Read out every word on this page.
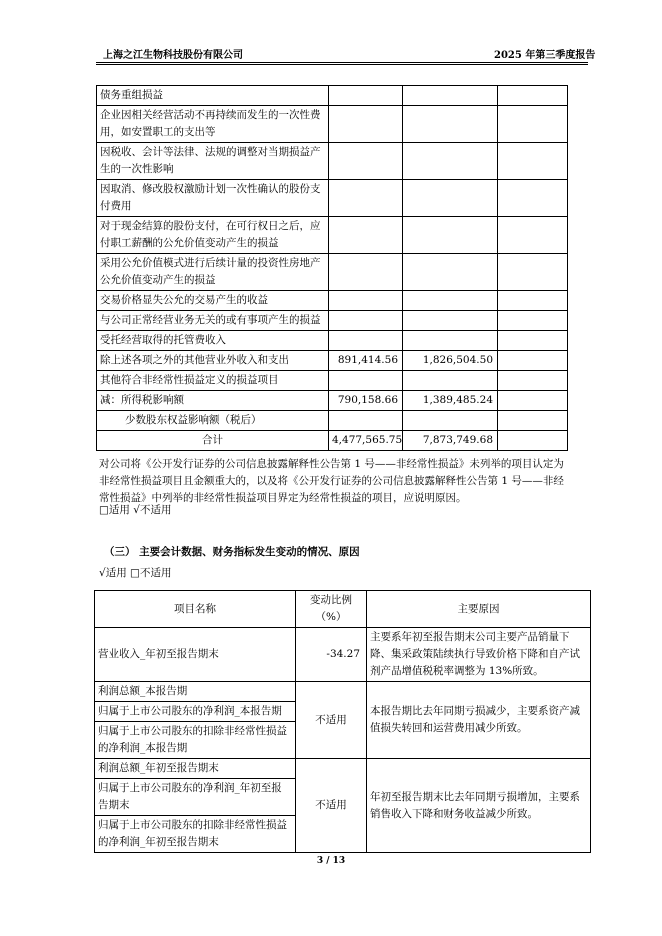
上海之江生物科技股份有限公司	2025 年第三季度报告
债务重组损益			
企业因相关经营活动不再持续而发生的一次性费用，如安置职工的支出等			
因税收、会计等法律、法规的调整对当期损益产生的一次性影响			
因取消、修改股权激励计划一次性确认的股份支付费用			
对于现金结算的股份支付，在可行权日之后，应付职工薪酬的公允价值变动产生的损益			
采用公允价值模式进行后续计量的投资性房地产公允价值变动产生的损益			
交易价格显失公允的交易产生的收益			
与公司正常经营业务无关的或有事项产生的损益			
受托经营取得的托管费收入			
除上述各项之外的其他营业外收入和支出	891,414.56	1,826,504.50	
其他符合非经常性损益定义的损益项目			
减：所得税影响额	790,158.66	1,389,485.24	
少数股东权益影响额（税后）			
合计	4,477,565.75	7,873,749.68	
对公司将《公开发行证券的公司信息披露解释性公告第 1 号——非经常性损益》未列举的项目认定为非经常性损益项目且金额重大的，以及将《公开发行证券的公司信息披露解释性公告第 1 号——非经常性损益》中列举的非经常性损益项目界定为经常性损益的项目，应说明原因。
□适用 √不适用
（三） 主要会计数据、财务指标发生变动的情况、原因
√适用 □不适用
项目名称	变动比例（%）	主要原因
营业收入_年初至报告期末	-34.27	主要系年初至报告期末公司主要产品销量下降、集采政策陆续执行导致价格下降和自产试剂产品增值税税率调整为 13%所致。
利润总额_本报告期	不适用	本报告期比去年同期亏损减少，主要系资产减值损失转回和运营费用减少所致。
归属于上市公司股东的净利润_本报告期		
归属于上市公司股东的扣除非经常性损益的净利润_本报告期		
利润总额_年初至报告期末	不适用	年初至报告期末比去年同期亏损增加，主要系销售收入下降和财务收益减少所致。
归属于上市公司股东的净利润_年初至报告期末		
归属于上市公司股东的扣除非经常性损益的净利润_年初至报告期末		
3 / 13
